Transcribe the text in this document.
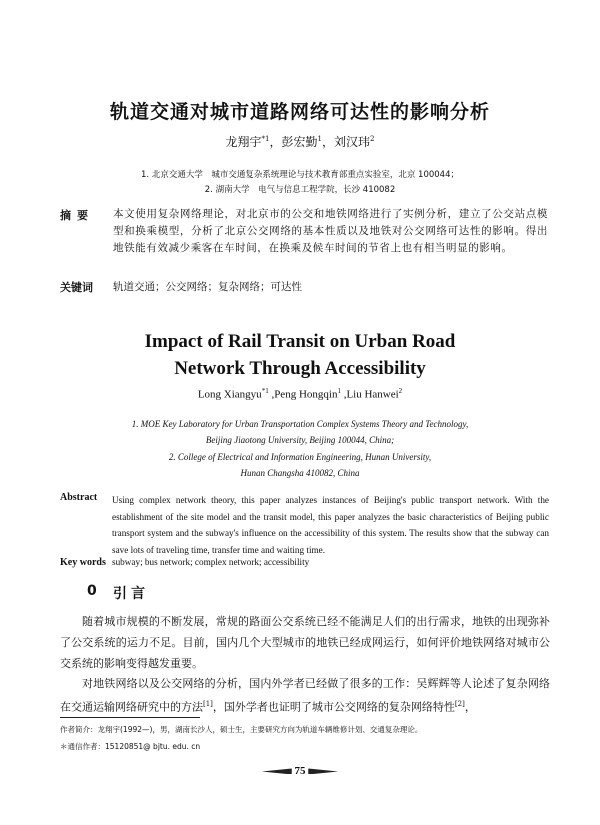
轨道交通对城市道路网络可达性的影响分析
龙翔宇$^{*1}$，彭宏勤$^1$，刘汉玮$^2$
1. 北京交通大学　城市交通复杂系统理论与技术教育部重点实验室，北京 100044；
2. 湖南大学　电气与信息工程学院，长沙 410082
摘要 本文使用复杂网络理论，对北京市的公交和地铁网络进行了实例分析，建立了公交站点模型和换乘模型，分析了北京公交网络的基本性质以及地铁对公交网络可达性的影响。得出地铁能有效减少乘客在车时间，在换乘及候车时间的节省上也有相当明显的影响。
关键词 轨道交通；公交网络；复杂网络；可达性
Impact of Rail Transit on Urban Road
Network Through Accessibility
Long Xiangyu$^{*1}$ ,Peng Hongqin$^1$ ,Liu Hanwei$^2$
1. MOE Key Laboratory for Urban Transportation Complex Systems Theory and Technology,
Beijing Jiaotong University, Beijing 100044, China;
2. College of Electrical and Information Engineering, Hunan University,
Hunan Changsha 410082, China
Abstract Using complex network theory, this paper analyzes instances of Beijing's public transport network. With the establishment of the site model and the transit model, this paper analyzes the basic characteristics of Beijing public transport system and the subway's influence on the accessibility of this system. The results show that the subway can save lots of traveling time, transfer time and waiting time.
Key words subway; bus network; complex network; accessibility
0 引言
随着城市规模的不断发展，常规的路面公交系统已经不能满足人们的出行需求，地铁的出现弥补了公交系统的运力不足。目前，国内几个大型城市的地铁已经成网运行，如何评价地铁网络对城市公交系统的影响变得越发重要。
对地铁网络以及公交网络的分析，国内外学者已经做了很多的工作：吴辉辉等人论述了复杂网络在交通运输网络研究中的方法[1]，国外学者也证明了城市公交网络的复杂网络特性[2]，
作者简介：龙翔宇(1992—)，男，湖南长沙人，硕士生，主要研究方向为轨道车辆维修计划、交通复杂理论。
＊通信作者：15120851@ bjtu. edu. cn
75
